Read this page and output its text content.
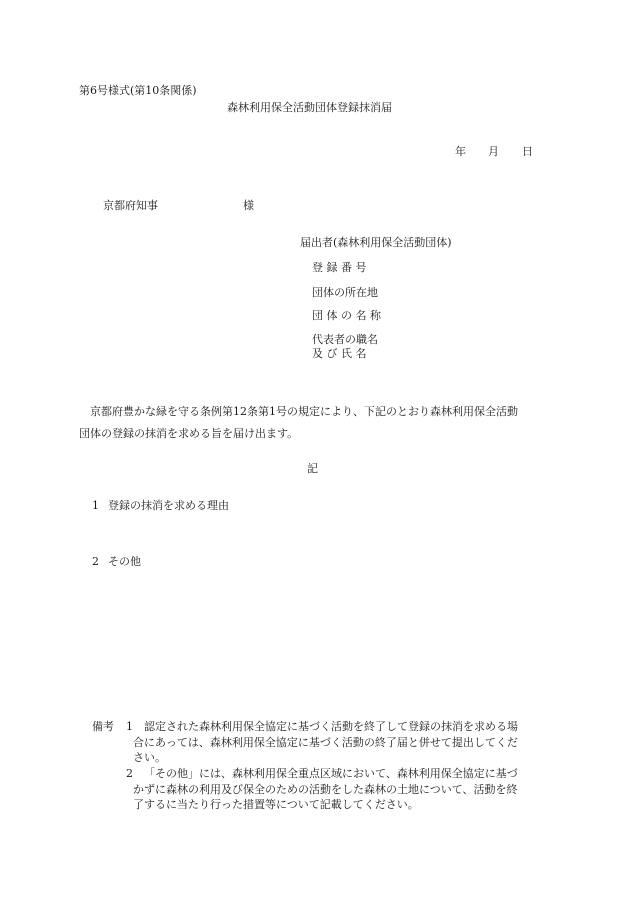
第6号様式(第10条関係)
森林利用保全活動団体登録抹消届
年 月 日
京都府知事	様
届出者(森林利用保全活動団体)
登 録 番 号
団体の所在地
団 体 の 名 称
代表者の職名
及 び 氏 名
　京都府豊かな緑を守る条例第12条第1号の規定により、下記のとおり森林利用保全活動
団体の登録の抹消を求める旨を届け出ます。
記
1 登録の抹消を求める理由
2 その他
備考 1 認定された森林利用保全協定に基づく活動を終了して登録の抹消を求める場
合にあっては、森林利用保全協定に基づく活動の終了届と併せて提出してくだ
さい。
2 「その他」には、森林利用保全重点区域において、森林利用保全協定に基づ
かずに森林の利用及び保全のための活動をした森林の土地について、活動を終
了するに当たり行った措置等について記載してください。
